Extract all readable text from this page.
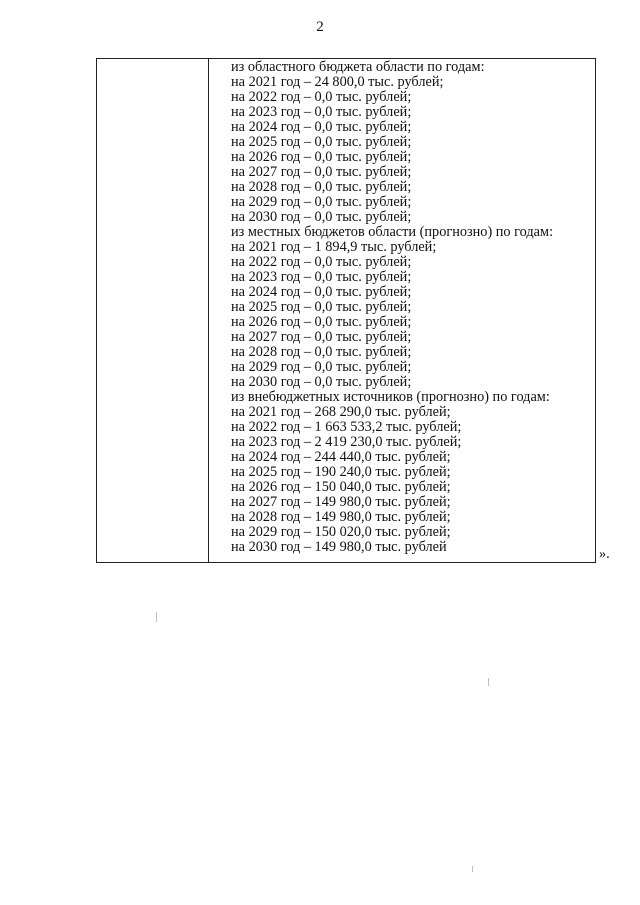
2
из областного бюджета области по годам:
на 2021 год – 24 800,0 тыс. рублей;
на 2022 год – 0,0 тыс. рублей;
на 2023 год – 0,0 тыс. рублей;
на 2024 год – 0,0 тыс. рублей;
на 2025 год – 0,0 тыс. рублей;
на 2026 год – 0,0 тыс. рублей;
на 2027 год – 0,0 тыс. рублей;
на 2028 год – 0,0 тыс. рублей;
на 2029 год – 0,0 тыс. рублей;
на 2030 год – 0,0 тыс. рублей;
из местных бюджетов области (прогнозно) по годам:
на 2021 год – 1 894,9 тыс. рублей;
на 2022 год – 0,0 тыс. рублей;
на 2023 год – 0,0 тыс. рублей;
на 2024 год – 0,0 тыс. рублей;
на 2025 год – 0,0 тыс. рублей;
на 2026 год – 0,0 тыс. рублей;
на 2027 год – 0,0 тыс. рублей;
на 2028 год – 0,0 тыс. рублей;
на 2029 год – 0,0 тыс. рублей;
на 2030 год – 0,0 тыс. рублей;
из внебюджетных источников (прогнозно) по годам:
на 2021 год – 268 290,0 тыс. рублей;
на 2022 год – 1 663 533,2 тыс. рублей;
на 2023 год – 2 419 230,0 тыс. рублей;
на 2024 год – 244 440,0 тыс. рублей;
на 2025 год – 190 240,0 тыс. рублей;
на 2026 год – 150 040,0 тыс. рублей;
на 2027 год – 149 980,0 тыс. рублей;
на 2028 год – 149 980,0 тыс. рублей;
на 2029 год – 150 020,0 тыс. рублей;
на 2030 год – 149 980,0 тыс. рублей	».
